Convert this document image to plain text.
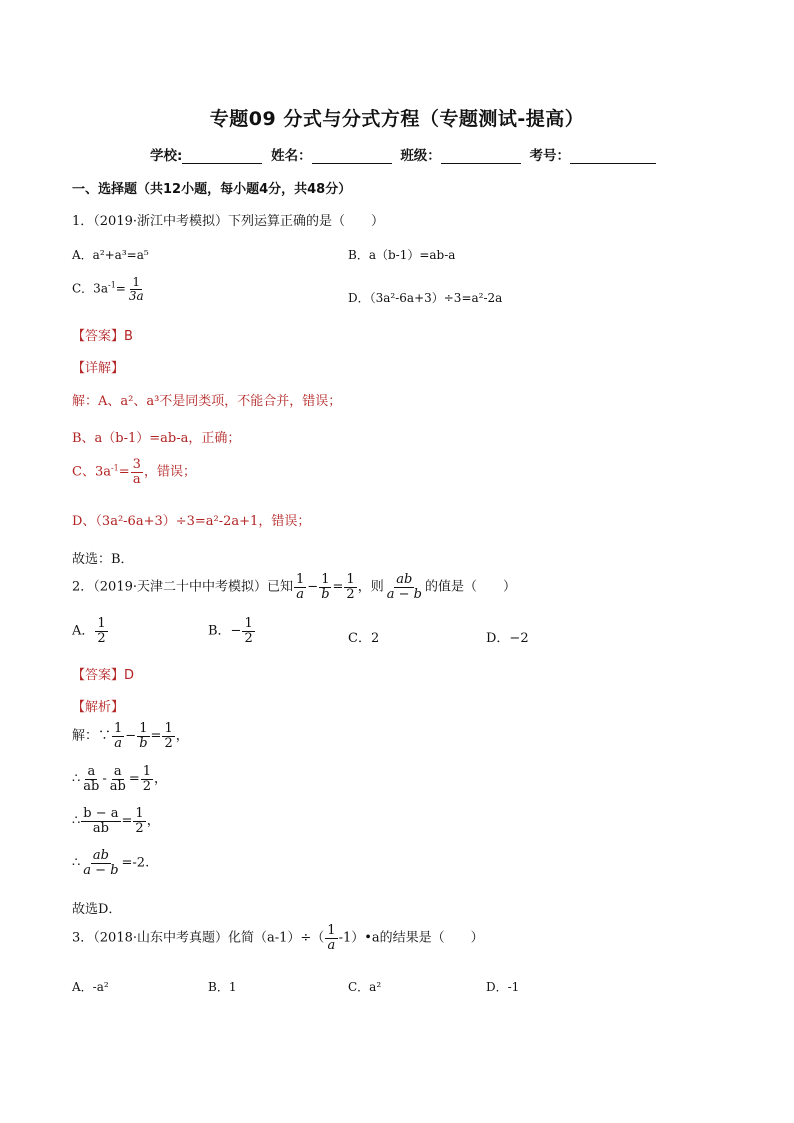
专题09 分式与分式方程（专题测试-提高）
学校:	姓名：	班级：	考号：
一、选择题（共12小题，每小题4分，共48分）
1．（2019·浙江中考模拟）下列运算正确的是（　　）
A．a²+a³=a⁵	B．a（b-1）=ab-a
C．$3a^{-1}= \frac{1}{3a}$	D．（3a²-6a+3）÷3=a²-2a
【答案】B
【详解】
解：A、a²、a³不是同类项，不能合并，错误；
B、a（b-1）=ab-a，正确；
C、$3a^{-1}= \frac{3}{a}$ ，错误；
D、（3a²-6a+3）÷3=a²-2a+1，错误；
故选：B．
2．（2019·天津二十中中考模拟）已知 $\frac{1}{a} - \frac{1}{b} = \frac{1}{2}$ ，则 $\frac{ab}{a - b}$ 的值是（　　）
A． $\frac{1}{2}$	B．− $\frac{1}{2}$	C．2	D．−2
【答案】D
【解析】
解：∵ $\frac{1}{a} - \frac{1}{b} = \frac{1}{2}$ ，
∴ $\frac{a}{ab} - \frac{a}{ab} = \frac{1}{2}$ ，
∴ $\frac{b - a}{ab} = \frac{1}{2}$ ，
∴ $\frac{ab}{a - b} =-2$.
故选D．
3．（2018·山东中考真题）化简$(a-1)\div( \frac{1}{a}$ -1）•a的结果是（　　）
A．-a²	B．1	C．a²	D．-1
